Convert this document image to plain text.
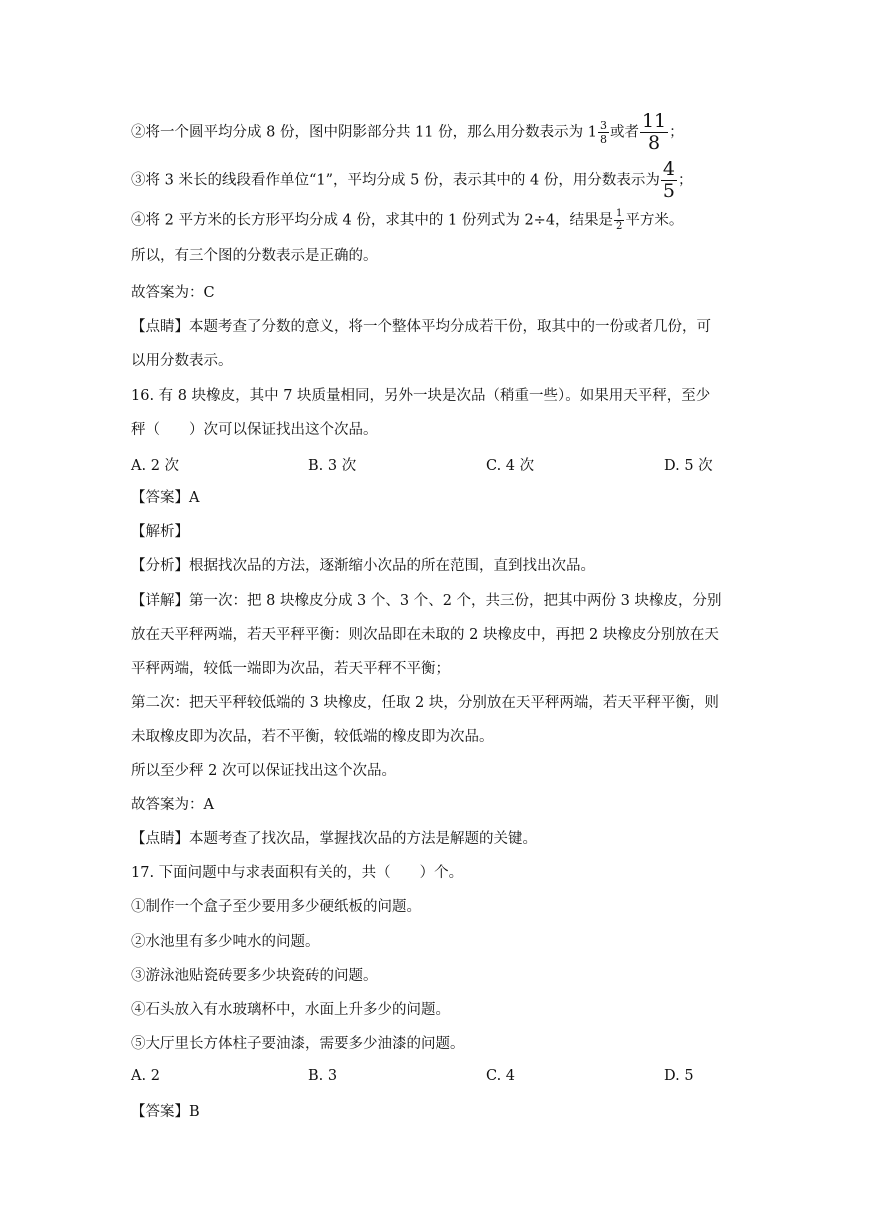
②将一个圆平均分成 8 份，图中阴影部分共 11 份，那么用分数表示为 $1 \frac{3}{8}$ 或者 $\frac{11}{8}$ ；
③将 3 米长的线段看作单位“1”，平均分成 5 份，表示其中的 4 份，用分数表示为 $\frac{4}{5}$ ；
④将 2 平方米的长方形平均分成 4 份，求其中的 1 份列式为 2÷4，结果是 $\frac{1}{2}$ 平方米。
所以，有三个图的分数表示是正确的。
故答案为：C
【点睛】本题考查了分数的意义，将一个整体平均分成若干份，取其中的一份或者几份，可
以用分数表示。
16. 有 8 块橡皮，其中 7 块质量相同，另外一块是次品（稍重一些）。如果用天平秤，至少
秤（　　）次可以保证找出这个次品。
A. 2 次	B. 3 次	C. 4 次	D. 5 次
【答案】A
【解析】
【分析】根据找次品的方法，逐渐缩小次品的所在范围，直到找出次品。
【详解】第一次：把 8 块橡皮分成 3 个、3 个、2 个，共三份，把其中两份 3 块橡皮，分别
放在天平秤两端，若天平秤平衡：则次品即在未取的 2 块橡皮中，再把 2 块橡皮分别放在天
平秤两端，较低一端即为次品，若天平秤不平衡；
第二次：把天平秤较低端的 3 块橡皮，任取 2 块，分别放在天平秤两端，若天平秤平衡，则
未取橡皮即为次品，若不平衡，较低端的橡皮即为次品。
所以至少秤 2 次可以保证找出这个次品。
故答案为：A
【点睛】本题考查了找次品，掌握找次品的方法是解题的关键。
17. 下面问题中与求表面积有关的，共（　　）个。
①制作一个盒子至少要用多少硬纸板的问题。
②水池里有多少吨水的问题。
③游泳池贴瓷砖要多少块瓷砖的问题。
④石头放入有水玻璃杯中，水面上升多少的问题。
⑤大厅里长方体柱子要油漆，需要多少油漆的问题。
A. 2	B. 3	C. 4	D. 5
【答案】B
